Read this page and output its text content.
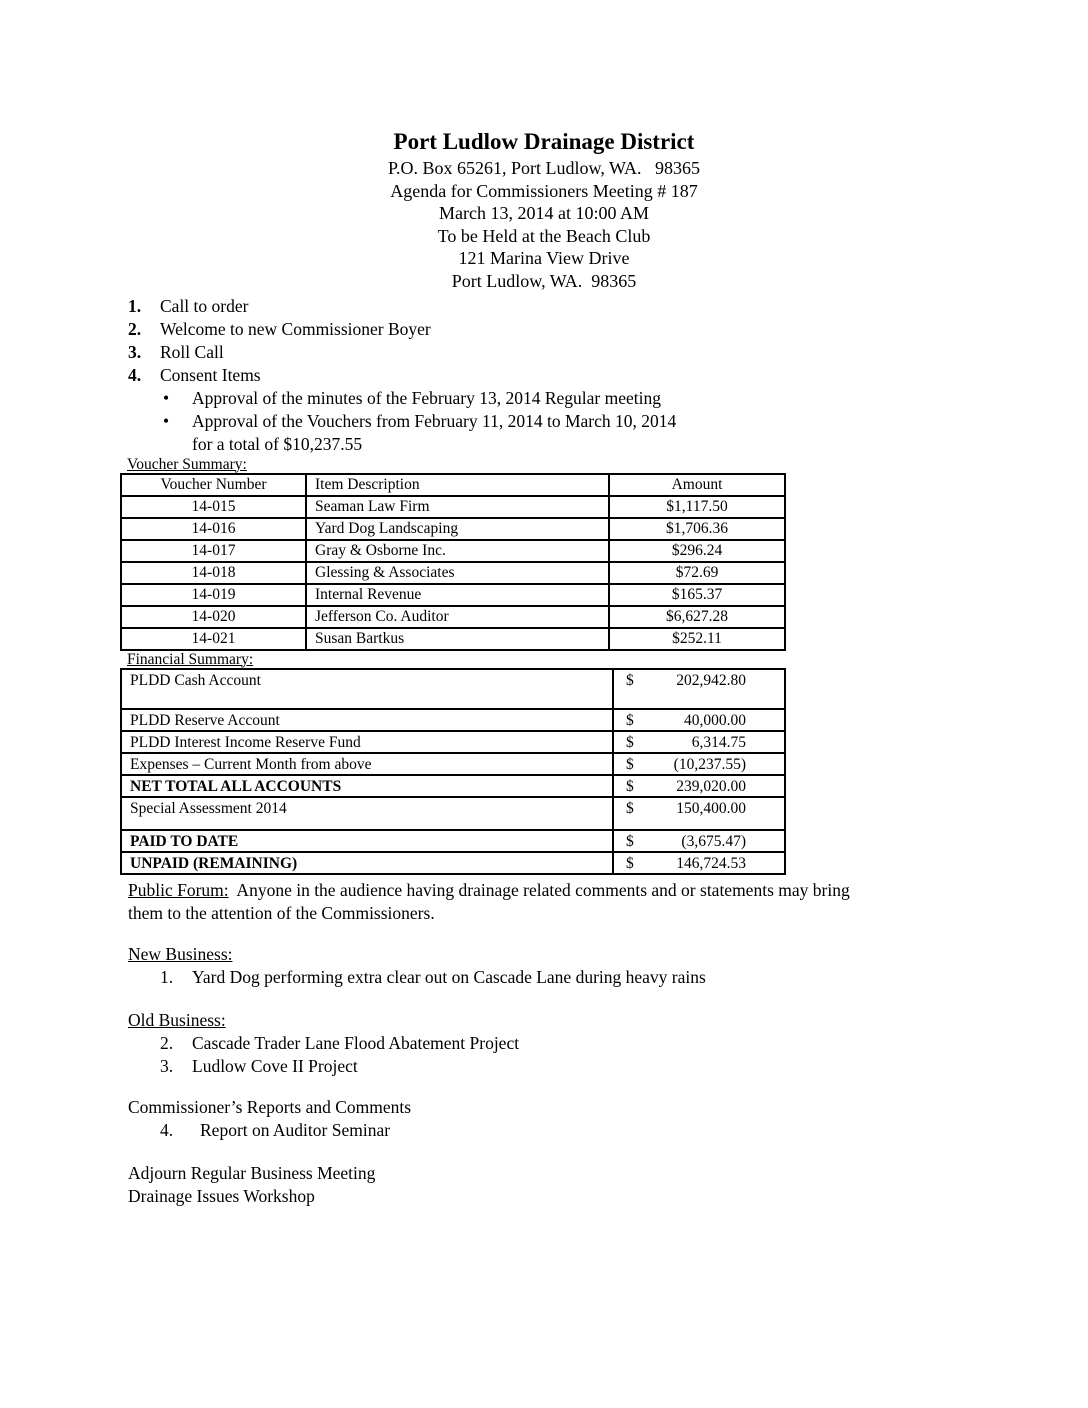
Port Ludlow Drainage District
P.O. Box 65261, Port Ludlow, WA.   98365
Agenda for Commissioners Meeting # 187
March 13, 2014 at 10:00 AM
To be Held at the Beach Club
121 Marina View Drive
Port Ludlow, WA.  98365
1.	Call to order
2.	Welcome to new Commissioner Boyer
3.	Roll Call
4.	Consent Items
•	Approval of the minutes of the February 13, 2014 Regular meeting
•	Approval of the Vouchers from February 11, 2014 to March 10, 2014
for a total of $10,237.55
Voucher Summary:
Voucher Number	Item Description	Amount
14-015	Seaman Law Firm	$1,117.50
14-016	Yard Dog Landscaping	$1,706.36
14-017	Gray & Osborne Inc.	$296.24
14-018	Glessing & Associates	$72.69
14-019	Internal Revenue	$165.37
14-020	Jefferson Co. Auditor	$6,627.28
14-021	Susan Bartkus	$252.11
Financial Summary:
PLDD Cash Account	$ 202,942.80

PLDD Reserve Account	$ 40,000.00

PLDD Interest Income Reserve Fund	$ 6,314.75

Expenses – Current Month from above	$ (10,237.55)

NET TOTAL ALL ACCOUNTS	$ 239,020.00

Special Assessment 2014	$ 150,400.00

PAID TO DATE	$ (3,675.47)

UNPAID (REMAINING)	$ 146,724.53
Public Forum:  Anyone in the audience having drainage related comments and or statements may bring
them to the attention of the Commissioners.
New Business:
1.	Yard Dog performing extra clear out on Cascade Lane during heavy rains
Old Business:
2.	Cascade Trader Lane Flood Abatement Project
3.	Ludlow Cove II Project
Commissioner’s Reports and Comments
4.	Report on Auditor Seminar
Adjourn Regular Business Meeting
Drainage Issues Workshop
